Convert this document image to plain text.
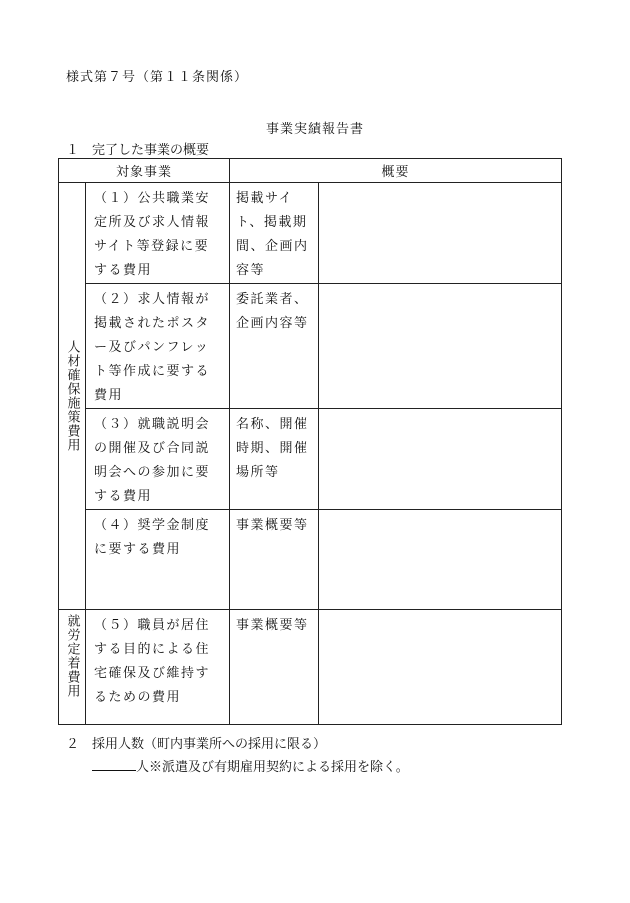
様式第７号（第１１条関係）
事業実績報告書
１ 完了した事業の概要
対象事業		概要	

人材確保施策費用	（１）公共職業安定所及び求人情報サイト等登録に要する費用	掲載サイト、掲載期間、企画内容等	

	（２）求人情報が掲載されたポスター及びパンフレット等作成に要する費用	委託業者、企画内容等	

	（３）就職説明会の開催及び合同説明会への参加に要する費用	名称、開催時期、開催場所等	

	（４）奨学金制度に要する費用	事業概要等	

就労定着費用	（５）職員が居住する目的による住宅確保及び維持するための費用	事業概要等	

２ 採用人数（町内事業所への採用に限る）
人※派遣及び有期雇用契約による採用を除く。
